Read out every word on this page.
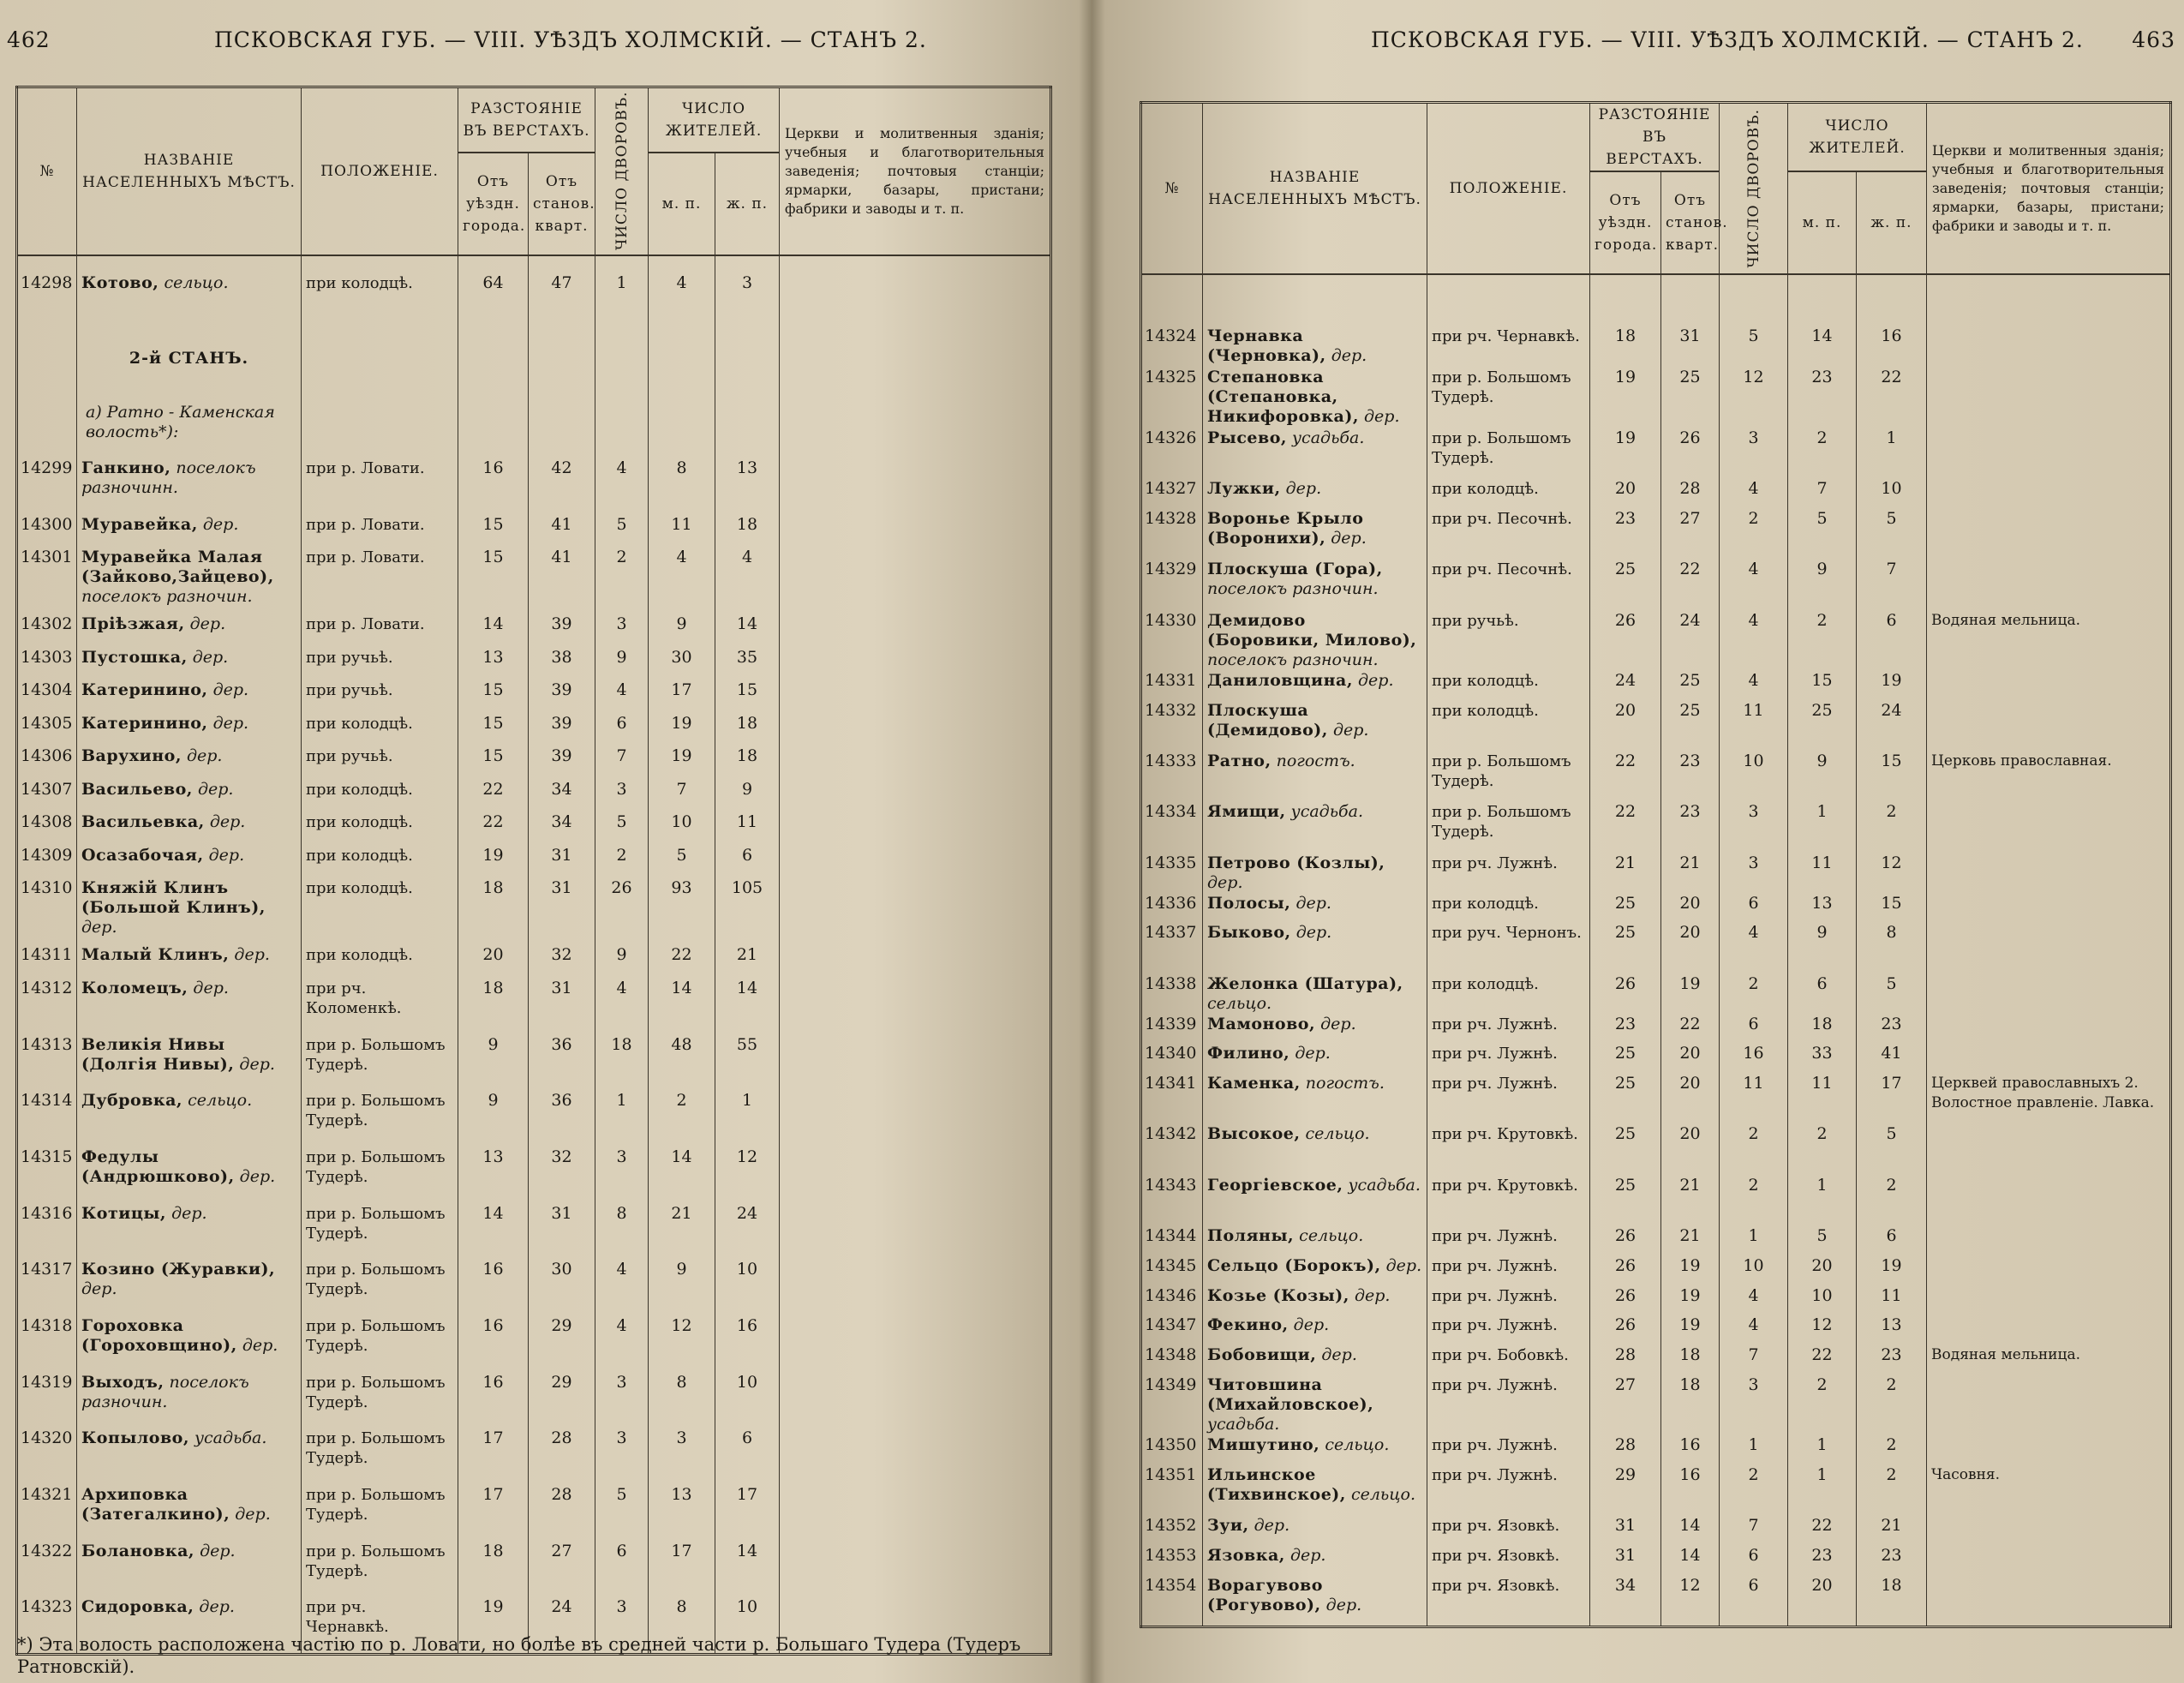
462	ПСКОВСКАЯ ГУБ. — VIII. УѢЗДЪ ХОЛМСКІЙ. — СТАНЪ 2.
№	НАЗВАНІЕ НАСЕЛЕННЫХЪ МѢСТЪ.	ПОЛОЖЕНІЕ.	РАЗСТОЯНІЕ ВЪ ВЕРСТАХЪ.		ЧИСЛО ДВОРОВЪ.	ЧИСЛО ЖИТЕЛЕЙ.		Церкви и молитвенныя зданія; учебныя и благотворительныя заведенія; почтовыя станціи; ярмарки, базары, пристани; фабрики и заводы и т. п.
			Отъ уѣздн. города.	Отъ станов. кварт.		м. п.	ж. п.	
14298	Котово, сельцо.	при колодцѣ.	64	47	1	4	3	
	2-й СТАНЪ.							
	а) Ратно - Каменская волость*):							
14299	Ганкино, поселокъ разночинн.	при р. Ловати.	16	42	4	8	13	
14300	Муравейка, дер.	при р. Ловати.	15	41	5	11	18	
14301	Муравейка Малая (Зайково,Зайцево), поселокъ разночин.	при р. Ловати.	15	41	2	4	4	
14302	Прiѣзжая, дер.	при р. Ловати.	14	39	3	9	14	
14303	Пустошка, дер.	при ручьѣ.	13	38	9	30	35	
14304	Катеринино, дер.	при ручьѣ.	15	39	4	17	15	
14305	Катеринино, дер.	при колодцѣ.	15	39	6	19	18	
14306	Варухино, дер.	при ручьѣ.	15	39	7	19	18	
14307	Васильево, дер.	при колодцѣ.	22	34	3	7	9	
14308	Васильевка, дер.	при колодцѣ.	22	34	5	10	11	
14309	Осазабочая, дер.	при колодцѣ.	19	31	2	5	6	
14310	Княжій Клинъ (Большой Клинъ), дер.	при колодцѣ.	18	31	26	93	105	
14311	Малый Клинъ, дер.	при колодцѣ.	20	32	9	22	21	
14312	Коломецъ, дер.	при рч. Коломенкѣ.	18	31	4	14	14	
14313	Великія Нивы (Долгія Нивы), дер.	при р. Большомъ Тудерѣ.	9	36	18	48	55	
14314	Дубровка, сельцо.	при р. Большомъ Тудерѣ.	9	36	1	2	1	
14315	Федулы (Андрюшково), дер.	при р. Большомъ Тудерѣ.	13	32	3	14	12	
14316	Котицы, дер.	при р. Большомъ Тудерѣ.	14	31	8	21	24	
14317	Козино (Журавки), дер.	при р. Большомъ Тудерѣ.	16	30	4	9	10	
14318	Гороховка (Гороховщино), дер.	при р. Большомъ Тудерѣ.	16	29	4	12	16	
14319	Выходъ, поселокъ разночин.	при р. Большомъ Тудерѣ.	16	29	3	8	10	
14320	Копылово, усадьба.	при р. Большомъ Тудерѣ.	17	28	3	3	6	
14321	Архиповка (Затегалкино), дер.	при р. Большомъ Тудерѣ.	17	28	5	13	17	
14322	Болановка, дер.	при р. Большомъ Тудерѣ.	18	27	6	17	14	
14323	Сидоровка, дер.	при рч. Чернавкѣ.	19	24	3	8	10	
*) Эта волость расположена частію по р. Ловати, но болѣе въ средней части р. Большаго Тудера (Тудеръ Ратновскій).
ПСКОВСКАЯ ГУБ. — VIII. УѢЗДЪ ХОЛМСКІЙ. — СТАНЪ 2. 463
№	НАЗВАНІЕ НАСЕЛЕННЫХЪ МѢСТЪ.	ПОЛОЖЕНІЕ.	РАЗСТОЯНІЕ ВЪ ВЕРСТАХЪ.		ЧИСЛО ДВОРОВЪ.	ЧИСЛО ЖИТЕЛЕЙ.		Церкви и молитвенныя зданія; учебныя и благотворительныя заведенія; почтовыя станціи; ярмарки, базары, пристани; фабрики и заводы и т. п.
			Отъ уѣздн. города.	Отъ станов. кварт.		м. п.	ж. п.	
14324	Чернавка (Черновка), дер.	при рч. Чернавкѣ.	18	31	5	14	16	
14325	Степановка (Степановка, Никифоровка), дер.	при р. Большомъ Тудерѣ.	19	25	12	23	22	
14326	Рысево, усадьба.	при р. Большомъ Тудерѣ.	19	26	3	2	1	
14327	Лужки, дер.	при колодцѣ.	20	28	4	7	10	
14328	Воронье Крыло (Воронихи), дер.	при рч. Песочнѣ.	23	27	2	5	5	
14329	Плоскуша (Гора), поселокъ разночин.	при рч. Песочнѣ.	25	22	4	9	7	
14330	Демидово (Боровики, Милово), поселокъ разночин.	при ручьѣ.	26	24	4	2	6	Водяная мельница.
14331	Даниловщина, дер.	при колодцѣ.	24	25	4	15	19	
14332	Плоскуша (Демидово), дер.	при колодцѣ.	20	25	11	25	24	
14333	Ратно, погостъ.	при р. Большомъ Тудерѣ.	22	23	10	9	15	Церковь православная.
14334	Ямищи, усадьба.	при р. Большомъ Тудерѣ.	22	23	3	1	2	
14335	Петрово (Козлы), дер.	при рч. Лужнѣ.	21	21	3	11	12	
14336	Полосы, дер.	при колодцѣ.	25	20	6	13	15	
14337	Быково, дер.	при руч. Чернонъ.	25	20	4	9	8	
14338	Желонка (Шатура), сельцо.	при колодцѣ.	26	19	2	6	5	
14339	Мамоново, дер.	при рч. Лужнѣ.	23	22	6	18	23	
14340	Филино, дер.	при рч. Лужнѣ.	25	20	16	33	41	
14341	Каменка, погостъ.	при рч. Лужнѣ.	25	20	11	11	17	Церквей православныхъ 2. Волостное правленіе. Лавка.
14342	Высокое, сельцо.	при рч. Крутовкѣ.	25	20	2	2	5	
14343	Георгіевское, усадьба.	при рч. Крутовкѣ.	25	21	2	1	2	
14344	Поляны, сельцо.	при рч. Лужнѣ.	26	21	1	5	6	
14345	Сельцо (Борокъ), дер.	при рч. Лужнѣ.	26	19	10	20	19	
14346	Козье (Козы), дер.	при рч. Лужнѣ.	26	19	4	10	11	
14347	Фекино, дер.	при рч. Лужнѣ.	26	19	4	12	13	
14348	Бобовищи, дер.	при рч. Бобовкѣ.	28	18	7	22	23	Водяная мельница.
14349	Читовшина (Михайловское), усадьба.	при рч. Лужнѣ.	27	18	3	2	2	
14350	Мишутино, сельцо.	при рч. Лужнѣ.	28	16	1	1	2	
14351	Ильинское (Тихвинское), сельцо.	при рч. Лужнѣ.	29	16	2	1	2	Часовня.
14352	Зуи, дер.	при рч. Язовкѣ.	31	14	7	22	21	
14353	Язовка, дер.	при рч. Язовкѣ.	31	14	6	23	23	
14354	Ворагувово (Рогувово), дер.	при рч. Язовкѣ.	34	12	6	20	18	
